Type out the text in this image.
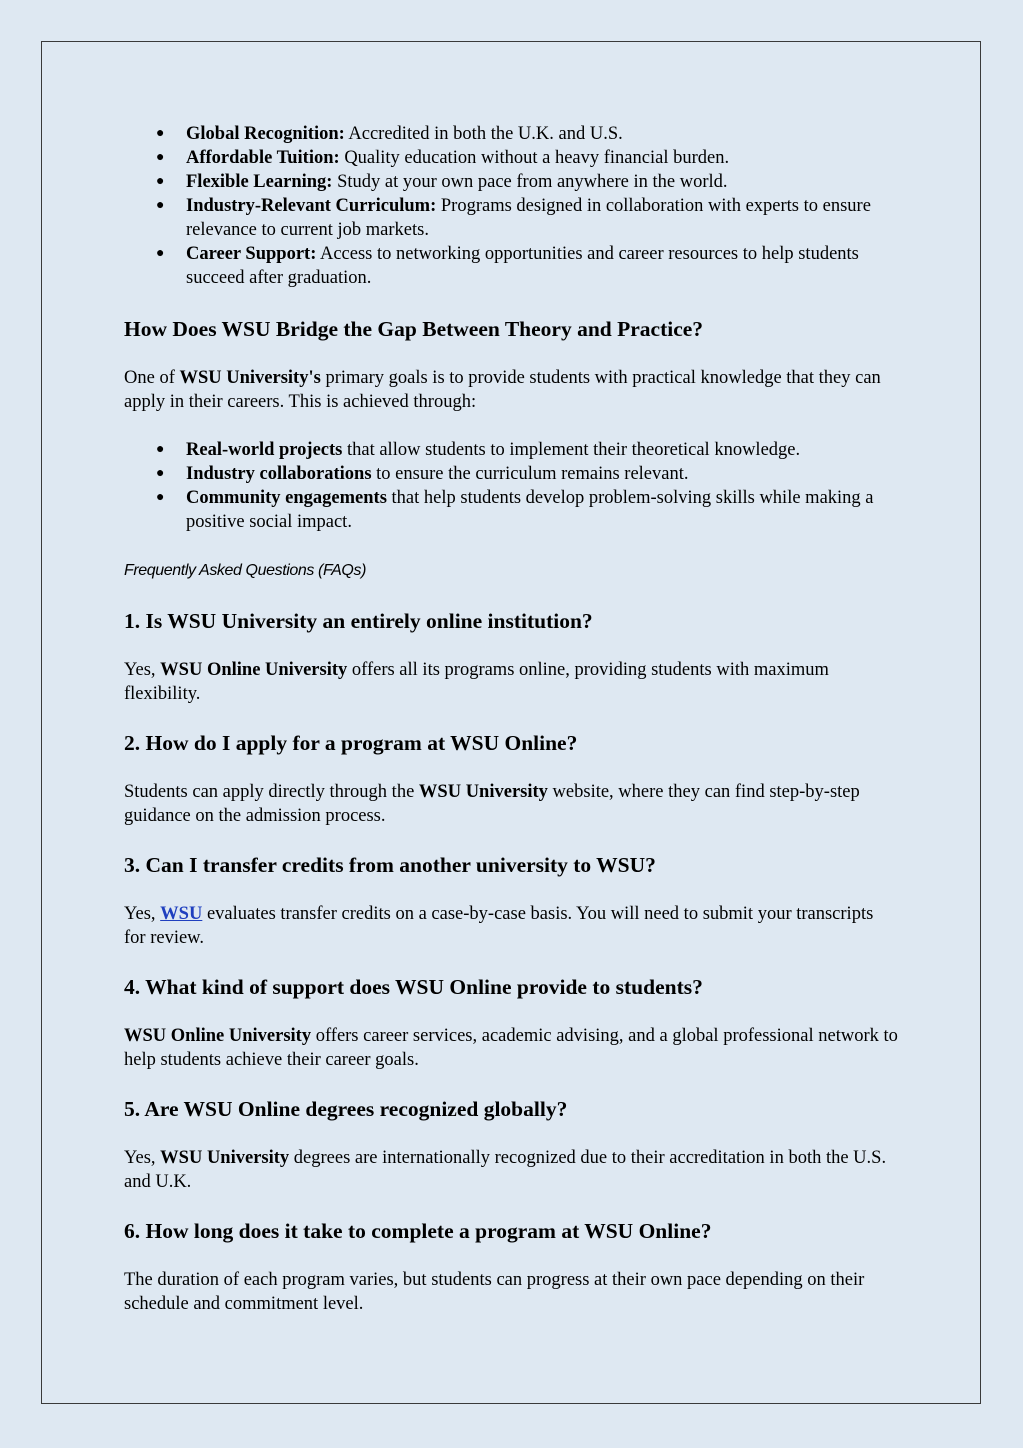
● Global Recognition: Accredited in both the U.K. and U.S.
● Affordable Tuition: Quality education without a heavy financial burden.
● Flexible Learning: Study at your own pace from anywhere in the world.
● Industry-Relevant Curriculum: Programs designed in collaboration with experts to ensure relevance to current job markets.
● Career Support: Access to networking opportunities and career resources to help students succeed after graduation.
How Does WSU Bridge the Gap Between Theory and Practice?

One of WSU University's primary goals is to provide students with practical knowledge that they can apply in their careers. This is achieved through:

● Real-world projects that allow students to implement their theoretical knowledge.
● Industry collaborations to ensure the curriculum remains relevant.
● Community engagements that help students develop problem-solving skills while making a positive social impact.
Frequently Asked Questions (FAQs)
1. Is WSU University an entirely online institution?

Yes, WSU Online University offers all its programs online, providing students with maximum flexibility.

2. How do I apply for a program at WSU Online?

Students can apply directly through the WSU University website, where they can find step-by-step guidance on the admission process.

3. Can I transfer credits from another university to WSU?

Yes, WSU evaluates transfer credits on a case-by-case basis. You will need to submit your transcripts for review.

4. What kind of support does WSU Online provide to students?

WSU Online University offers career services, academic advising, and a global professional network to help students achieve their career goals.

5. Are WSU Online degrees recognized globally?

Yes, WSU University degrees are internationally recognized due to their accreditation in both the U.S. and U.K.

6. How long does it take to complete a program at WSU Online?

The duration of each program varies, but students can progress at their own pace depending on their schedule and commitment level.
